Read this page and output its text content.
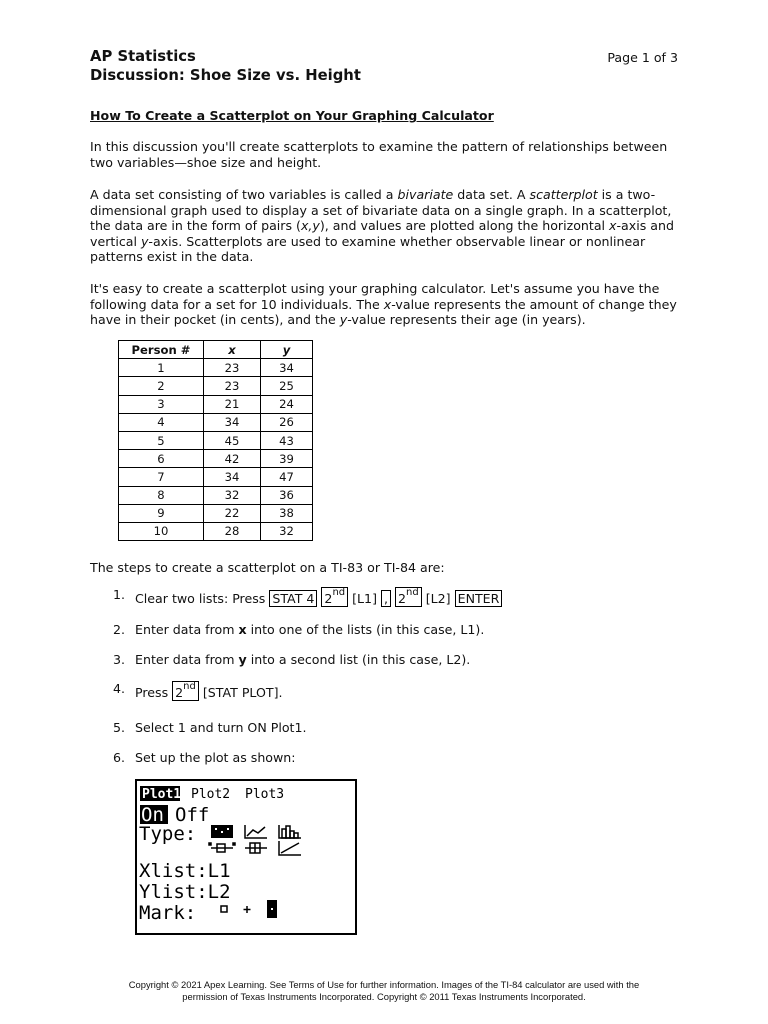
AP Statistics
Discussion: Shoe Size vs. Height
Page 1 of 3
How To Create a Scatterplot on Your Graphing Calculator

In this discussion you'll create scatterplots to examine the pattern of relationships between two variables—shoe size and height.

A data set consisting of two variables is called a bivariate data set. A scatterplot is a two-dimensional graph used to display a set of bivariate data on a single graph. In a scatterplot, the data are in the form of pairs (x,y), and values are plotted along the horizontal x-axis and vertical y-axis. Scatterplots are used to examine whether observable linear or nonlinear patterns exist in the data.

It's easy to create a scatterplot using your graphing calculator. Let's assume you have the following data for a set for 10 individuals. The x-value represents the amount of change they have in their pocket (in cents), and the y-value represents their age (in years).

Person #	x	y
1	23	34
2	23	25
3	21	24
4	34	26
5	45	43
6	42	39
7	34	47
8	32	36
9	22	38
10	28	32
The steps to create a scatterplot on a TI-83 or TI-84 are:
1. Clear two lists: Press STAT 4 2nd [L1] , 2nd [L2] ENTER
2. Enter data from x into one of the lists (in this case, L1).
3. Enter data from y into a second list (in this case, L2).
4. Press 2nd [STAT PLOT].
5. Select 1 and turn ON Plot1.
6. Set up the plot as shown:
Plot1 Plot2 Plot3
On Off
Type:
Xlist:L1
Ylist:L2
Mark:
Copyright © 2021 Apex Learning. See Terms of Use for further information. Images of the TI-84 calculator are used with the
permission of Texas Instruments Incorporated. Copyright © 2011 Texas Instruments Incorporated.
